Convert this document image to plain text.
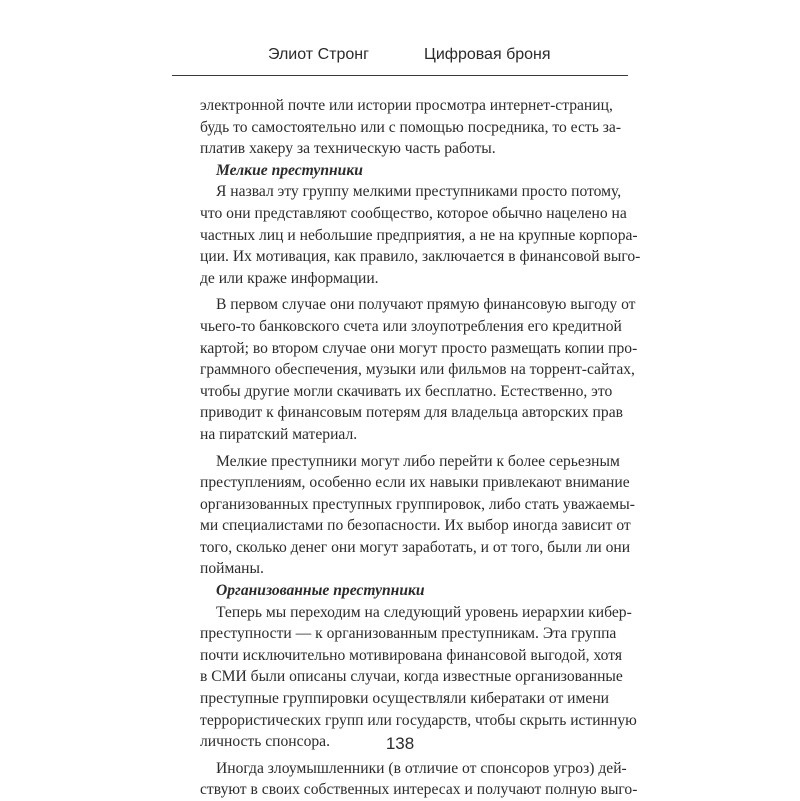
Элиот Стронг	Цифровая броня
электронной почте или истории просмотра интернет-страниц,
будь то самостоятельно или с помощью посредника, то есть за-
платив хакеру за техническую часть работы.
Мелкие преступники
Я назвал эту группу мелкими преступниками просто потому,
что они представляют сообщество, которое обычно нацелено на
частных лиц и небольшие предприятия, а не на крупные корпора-
ции. Их мотивация, как правило, заключается в финансовой выго-
де или краже информации.
В первом случае они получают прямую финансовую выгоду от
чьего-то банковского счета или злоупотребления его кредитной
картой; во втором случае они могут просто размещать копии про-
граммного обеспечения, музыки или фильмов на торрент-сайтах,
чтобы другие могли скачивать их бесплатно. Естественно, это
приводит к финансовым потерям для владельца авторских прав
на пиратский материал.
Мелкие преступники могут либо перейти к более серьезным
преступлениям, особенно если их навыки привлекают внимание
организованных преступных группировок, либо стать уважаемы-
ми специалистами по безопасности. Их выбор иногда зависит от
того, сколько денег они могут заработать, и от того, были ли они
пойманы.
Организованные преступники
Теперь мы переходим на следующий уровень иерархии кибер-
преступности — к организованным преступникам. Эта группа
почти исключительно мотивирована финансовой выгодой, хотя
в СМИ были описаны случаи, когда известные организованные
преступные группировки осуществляли кибератаки от имени
террористических групп или государств, чтобы скрыть истинную
личность спонсора.
Иногда злоумышленники (в отличие от спонсоров угроз) дей-
ствуют в своих собственных интересах и получают полную выго-
138
